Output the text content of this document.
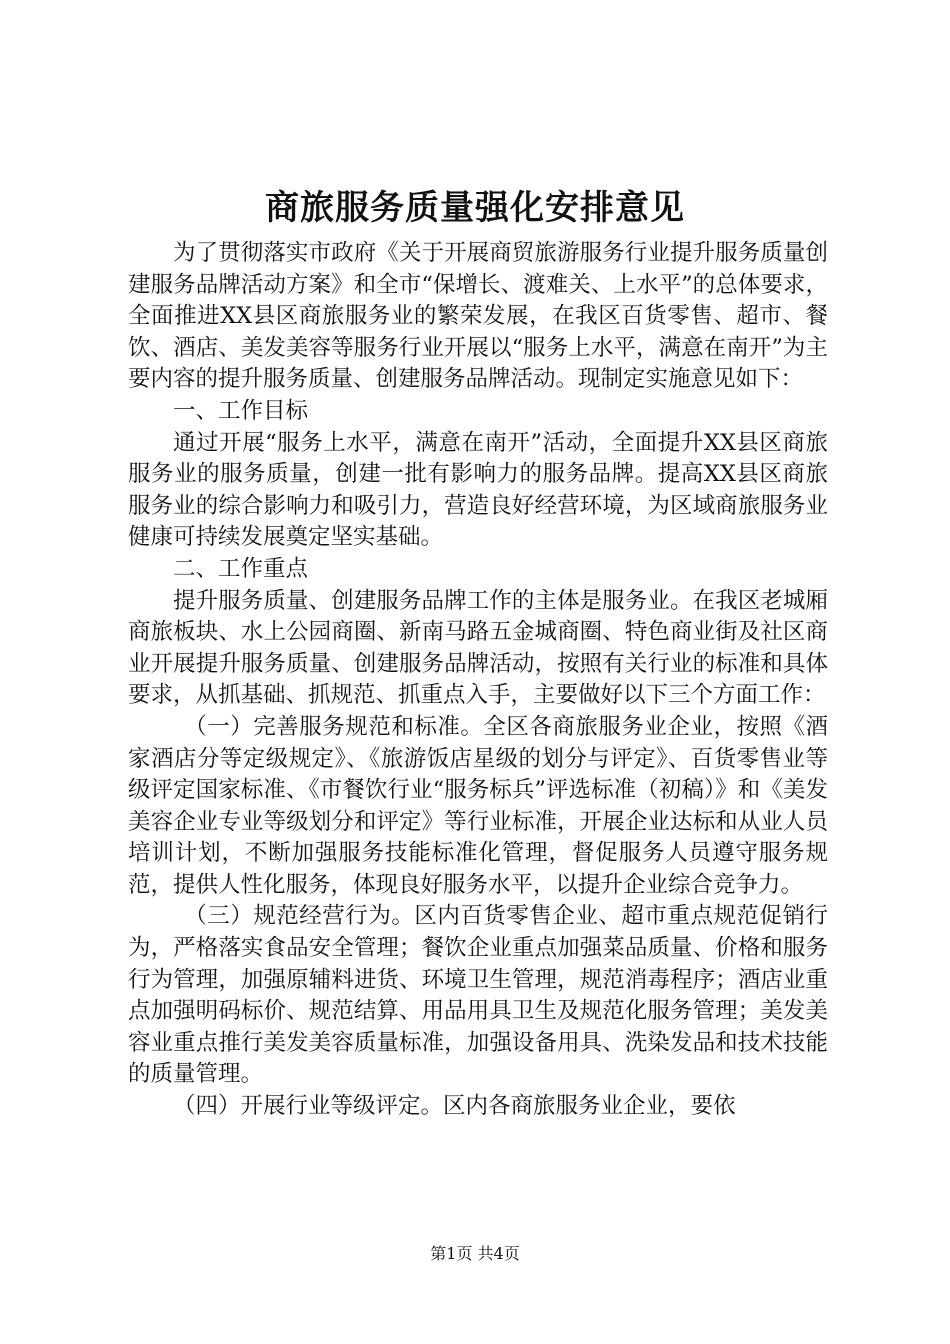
商旅服务质量强化安排意见

为了贯彻落实市政府《关于开展商贸旅游服务行业提升服务质量创建服务品牌活动方案》和全市“保增长、渡难关、上水平”的总体要求，全面推进XX县区商旅服务业的繁荣发展，在我区百货零售、超市、餐饮、酒店、美发美容等服务行业开展以“服务上水平，满意在南开”为主要内容的提升服务质量、创建服务品牌活动。现制定实施意见如下：

一、工作目标

通过开展“服务上水平，满意在南开”活动，全面提升XX县区商旅服务业的服务质量，创建一批有影响力的服务品牌。提高XX县区商旅服务业的综合影响力和吸引力，营造良好经营环境，为区域商旅服务业健康可持续发展奠定坚实基础。

二、工作重点

提升服务质量、创建服务品牌工作的主体是服务业。在我区老城厢商旅板块、水上公园商圈、新南马路五金城商圈、特色商业街及社区商业开展提升服务质量、创建服务品牌活动，按照有关行业的标准和具体要求，从抓基础、抓规范、抓重点入手，主要做好以下三个方面工作：

（一）完善服务规范和标准。全区各商旅服务业企业，按照《酒家酒店分等定级规定》、《旅游饭店星级的划分与评定》、百货零售业等级评定国家标准、《市餐饮行业“服务标兵”评选标准（初稿）》和《美发美容企业专业等级划分和评定》等行业标准，开展企业达标和从业人员培训计划，不断加强服务技能标准化管理，督促服务人员遵守服务规范，提供人性化服务，体现良好服务水平，以提升企业综合竞争力。

（三）规范经营行为。区内百货零售企业、超市重点规范促销行为，严格落实食品安全管理；餐饮企业重点加强菜品质量、价格和服务行为管理，加强原辅料进货、环境卫生管理，规范消毒程序；酒店业重点加强明码标价、规范结算、用品用具卫生及规范化服务管理；美发美容业重点推行美发美容质量标准，加强设备用具、洗染发品和技术技能的质量管理。

（四）开展行业等级评定。区内各商旅服务业企业，要依

第1页 共4页
